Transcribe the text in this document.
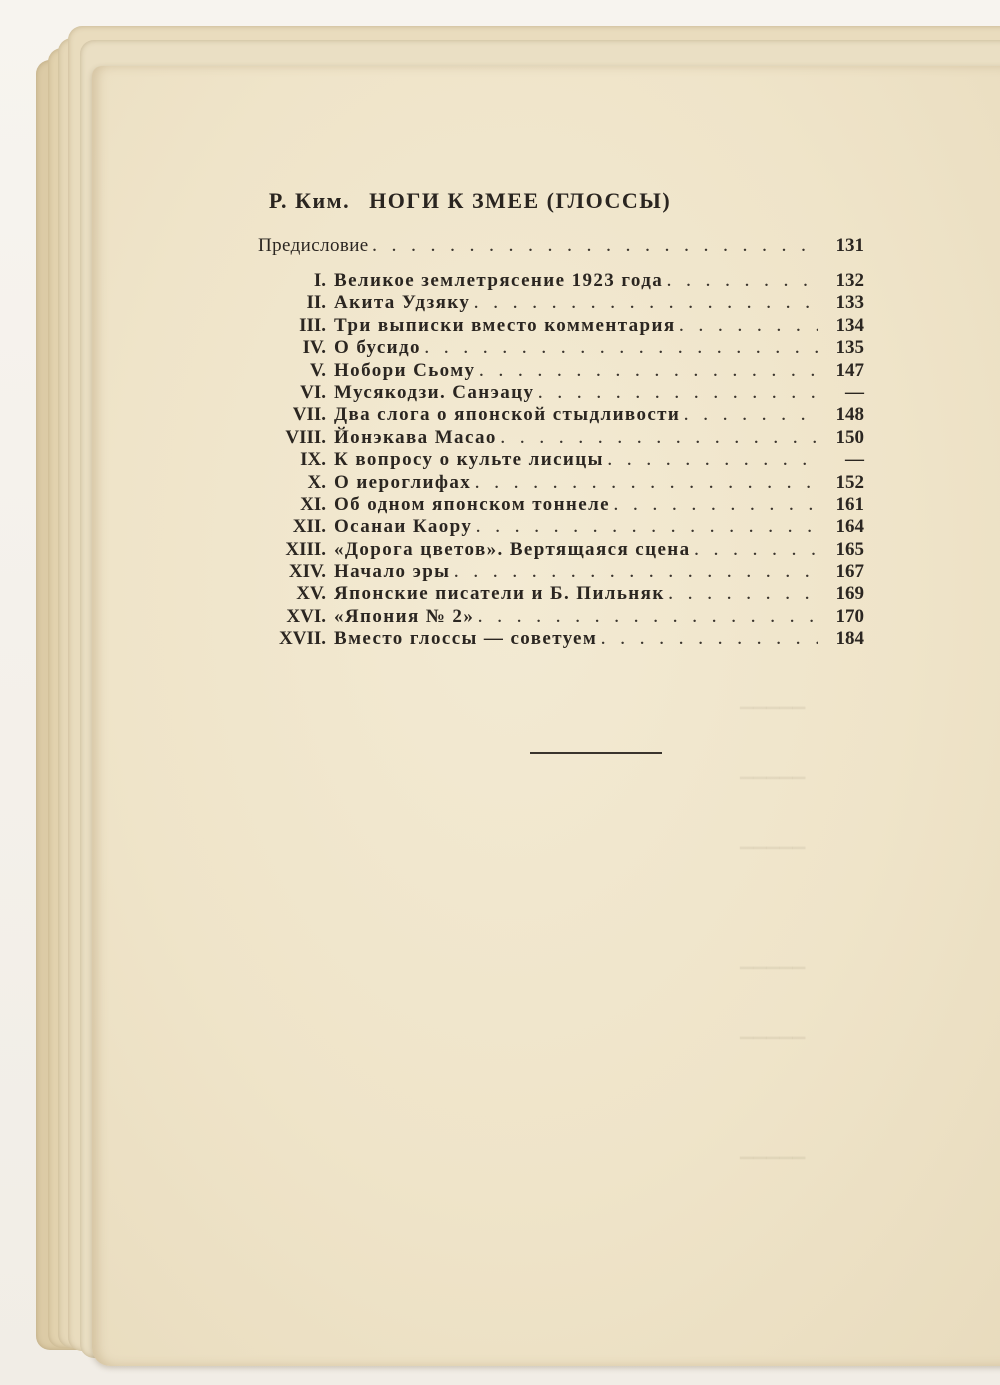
▁▁▁▁▁
▁▁▁▁▁
▁▁▁▁▁
▁▁▁▁▁
▁▁▁▁▁
▁▁▁▁▁
Р. Ким. НОГИ К ЗМЕЕ (ГЛОССЫ)
Предисловие . . .	131
I. Великое землетрясение 1923 года . . .	132
II. Акита Удзяку . . .	133
III. Три выписки вместо комментария . . .	134
IV. О бусидо . . .	135
V. Нобори Сьому . . .	147
VI. Мусякодзи. Санэацу . . .	—
VII. Два слога о японской стыдливости . . .	148
VIII. Йонэкава Масао . . .	150
IX. К вопросу о культе лисицы . . .	—
X. О иероглифах . . .	152
XI. Об одном японском тоннеле . . .	161
XII. Осанаи Каору . . .	164
XIII. «Дорога цветов». Вертящаяся сцена . . .	165
XIV. Начало эры . . .	167
XV. Японские писатели и Б. Пильняк . . .	169
XVI. «Япония № 2» . . .	170
XVII. Вместо глоссы — советуем . . .	184
